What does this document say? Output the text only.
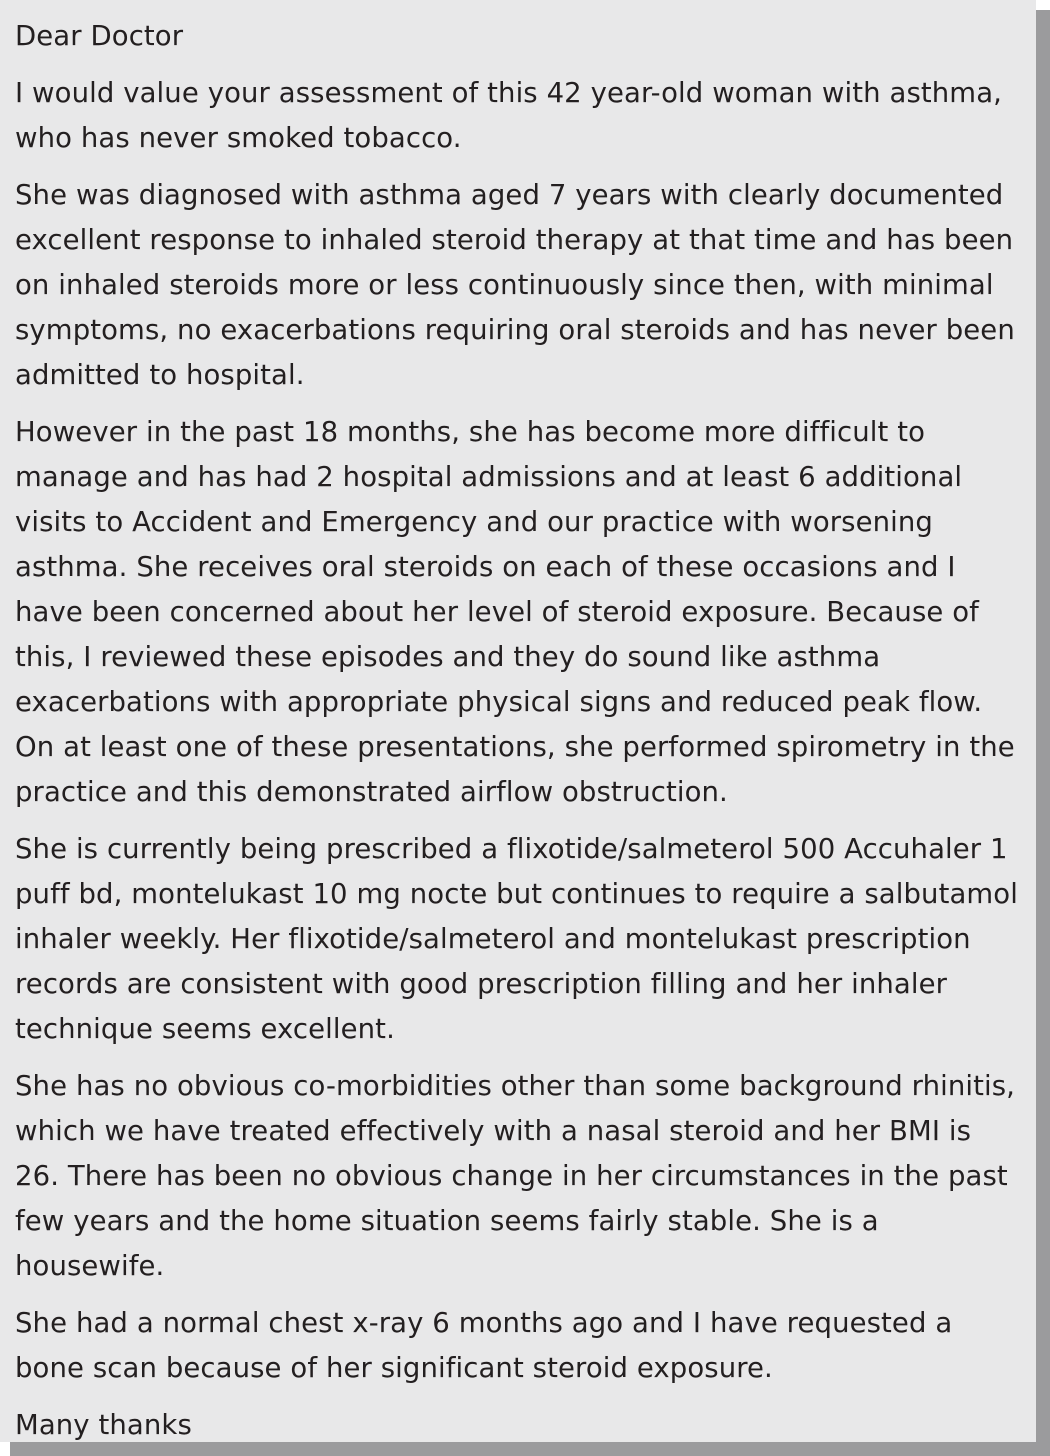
Dear Doctor

I would value your assessment of this 42 year-old woman with asthma, who has never smoked tobacco.

She was diagnosed with asthma aged 7 years with clearly documented excellent response to inhaled steroid therapy at that time and has been on inhaled steroids more or less continuously since then, with minimal symptoms, no exacerbations requiring oral steroids and has never been admitted to hospital.

However in the past 18 months, she has become more difficult to manage and has had 2 hospital admissions and at least 6 additional visits to Accident and Emergency and our practice with worsening asthma. She receives oral steroids on each of these occasions and I have been concerned about her level of steroid exposure. Because of this, I reviewed these episodes and they do sound like asthma exacerbations with appropriate physical signs and reduced peak flow. On at least one of these presentations, she performed spirometry in the practice and this demonstrated airflow obstruction.

She is currently being prescribed a flixotide/salmeterol 500 Accuhaler 1 puff bd, montelukast 10 mg nocte but continues to require a salbutamol inhaler weekly. Her flixotide/salmeterol and montelukast prescription records are consistent with good prescription filling and her inhaler technique seems excellent.

She has no obvious co-morbidities other than some background rhinitis, which we have treated effectively with a nasal steroid and her BMI is 26. There has been no obvious change in her circumstances in the past few years and the home situation seems fairly stable. She is a housewife.

She had a normal chest x-ray 6 months ago and I have requested a bone scan because of her significant steroid exposure.

Many thanks
